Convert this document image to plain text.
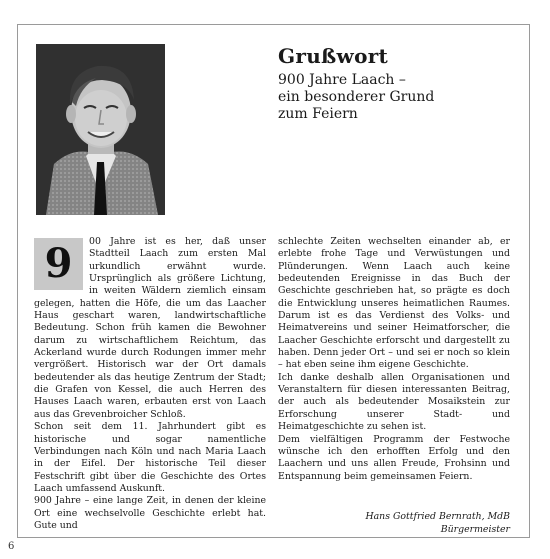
Grußwort
900 Jahre Laach –
ein besonderer Grund
zum Feiern
9	00 Jahre ist es her, daß unser Stadtteil Laach zum ersten Mal urkundlich erwähnt wurde. Ursprünglich als größere Lichtung, in weiten Wäldern ziemlich einsam gelegen, hatten die Höfe, die um das Laacher Haus geschart waren, landwirtschaftliche Bedeutung. Schon früh kamen die Bewohner darum zu wirtschaftlichem Reichtum, das Ackerland wurde durch Rodungen immer mehr vergrößert. Historisch war der Ort damals bedeutender als das heutige Zentrum der Stadt; die Grafen von Kessel, die auch Herren des Hauses Laach waren, erbauten erst von Laach aus das Grevenbroicher Schloß.

Schon seit dem 11. Jahrhundert gibt es historische und sogar namentliche Verbindungen nach Köln und nach Maria Laach in der Eifel. Der historische Teil dieser Festschrift gibt über die Geschichte des Ortes Laach umfassend Auskunft.

900 Jahre – eine lange Zeit, in denen der kleine Ort eine wechselvolle Geschichte erlebt hat. Gute und

schlechte Zeiten wechselten einander ab, er erlebte frohe Tage und Verwüstungen und Plünderungen. Wenn Laach auch keine bedeutenden Ereignisse in das Buch der Geschichte geschrieben hat, so prägte es doch die Entwicklung unseres heimatlichen Raumes. Darum ist es das Verdienst des Volks- und Heimatvereins und seiner Heimatforscher, die Laacher Geschichte erforscht und dargestellt zu haben. Denn jeder Ort – und sei er noch so klein – hat eben seine ihm eigene Geschichte.

Ich danke deshalb allen Organisationen und Veranstaltern für diesen interessanten Beitrag, der auch als bedeutender Mosaikstein zur Erforschung unserer Stadt- und Heimatgeschichte zu sehen ist.

Dem vielfältigen Programm der Festwoche wünsche ich den erhofften Erfolg und den Laachern und uns allen Freude, Frohsinn und Entspannung beim gemeinsamen Feiern.

Hans Gottfried Bernrath, MdB
Bürgermeister
6
